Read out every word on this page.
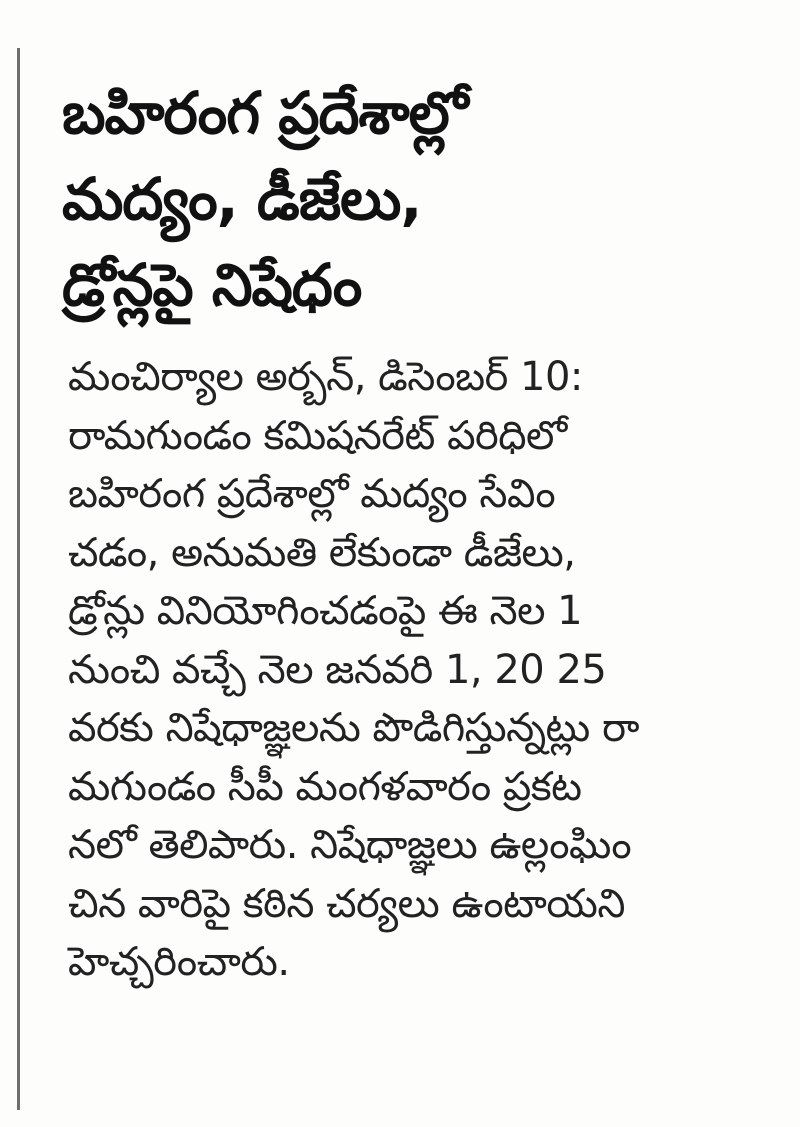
బహిరంగ ప్రదేశాల్లో
మద్యం, డీజేలు,
డ్రోన్లపై నిషేధం

మంచిర్యాల అర్బన్, డిసెంబర్ 10:
రామగుండం కమిషనరేట్ పరిధిలో
బహిరంగ ప్రదేశాల్లో మద్యం సేవిం
చడం, అనుమతి లేకుండా డీజేలు,
డ్రోన్లు వినియోగించడంపై ఈ నెల 1
నుంచి వచ్చే నెల జనవరి 1, 20 25
వరకు నిషేధాజ్ఞలను పొడిగిస్తున్నట్లు రా
మగుండం సీపీ మంగళవారం ప్రకట
నలో తెలిపారు. నిషేధాజ్ఞలు ఉల్లంఘిం
చిన వారిపై కఠిన చర్యలు ఉంటాయని
హెచ్చరించారు.
